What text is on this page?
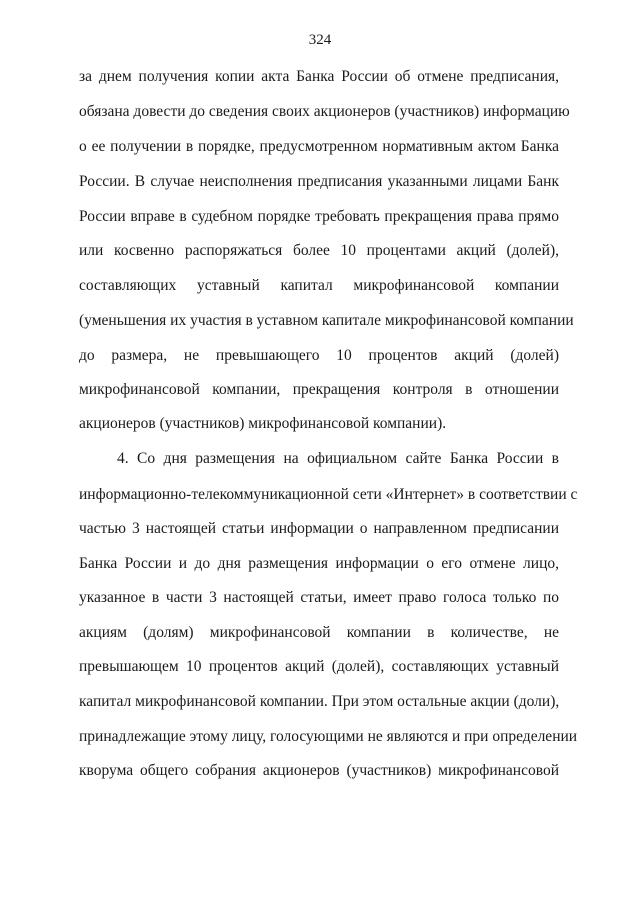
324
за днем получения копии акта Банка России об отмене предписания,
обязана довести до сведения своих акционеров (участников) информацию
о ее получении в порядке, предусмотренном нормативным актом Банка
России. В случае неисполнения предписания указанными лицами Банк
России вправе в судебном порядке требовать прекращения права прямо
или косвенно распоряжаться более 10 процентами акций (долей),
составляющих уставный капитал микрофинансовой компании
(уменьшения их участия в уставном капитале микрофинансовой компании
до размера, не превышающего 10 процентов акций (долей)
микрофинансовой компании, прекращения контроля в отношении
акционеров (участников) микрофинансовой компании).
4. Со дня размещения на официальном сайте Банка России в
информационно-телекоммуникационной сети «Интернет» в соответствии с
частью 3 настоящей статьи информации о направленном предписании
Банка России и до дня размещения информации о его отмене лицо,
указанное в части 3 настоящей статьи, имеет право голоса только по
акциям (долям) микрофинансовой компании в количестве, не
превышающем 10 процентов акций (долей), составляющих уставный
капитал микрофинансовой компании. При этом остальные акции (доли),
принадлежащие этому лицу, голосующими не являются и при определении
кворума общего собрания акционеров (участников) микрофинансовой
